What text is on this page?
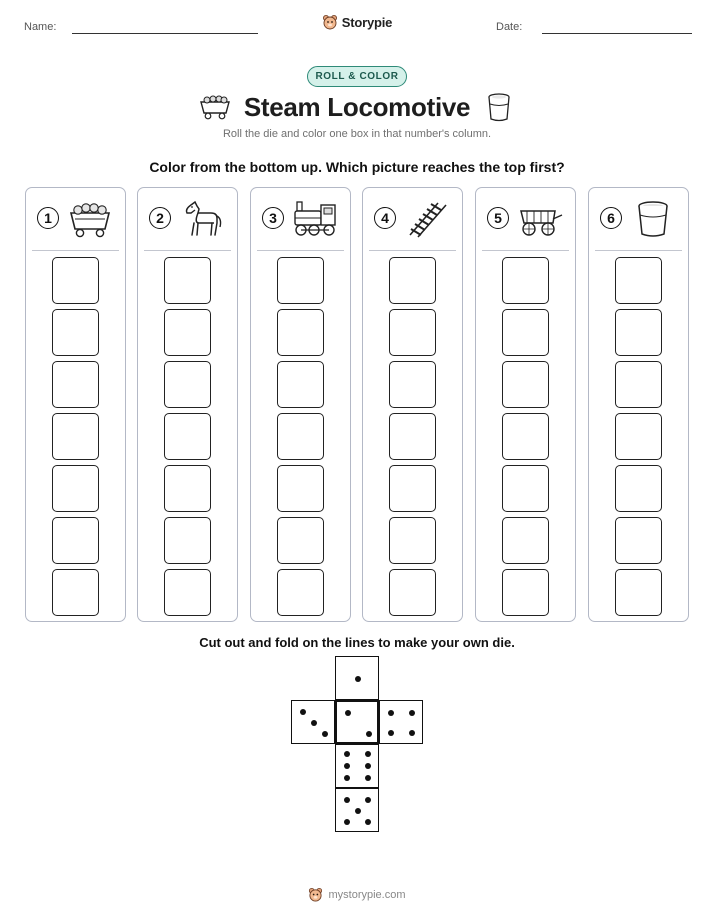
Name:	Storypie	Date:
ROLL & COLOR
Steam Locomotive
Roll the die and color one box in that number's column.
Color from the bottom up. Which picture reaches the top first?
1	2	3	4	5	6
Cut out and fold on the lines to make your own die.
mystorypie.com
